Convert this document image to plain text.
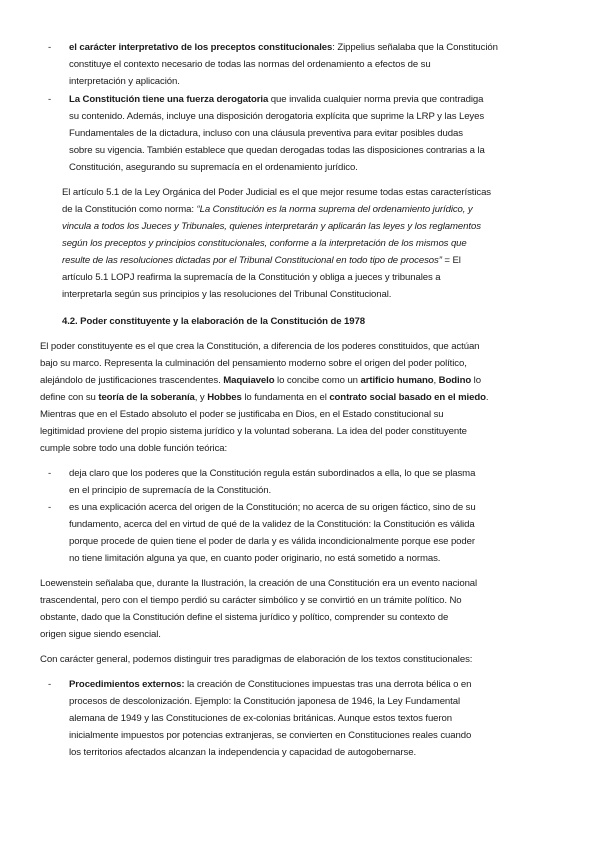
- el carácter interpretativo de los preceptos constitucionales: Zippelius señalaba que la Constitución
constituye el contexto necesario de todas las normas del ordenamiento a efectos de su
interpretación y aplicación.
- La Constitución tiene una fuerza derogatoria que invalida cualquier norma previa que contradiga
su contenido. Además, incluye una disposición derogatoria explícita que suprime la LRP y las Leyes
Fundamentales de la dictadura, incluso con una cláusula preventiva para evitar posibles dudas
sobre su vigencia. También establece que quedan derogadas todas las disposiciones contrarias a la
Constitución, asegurando su supremacía en el ordenamiento jurídico.
El artículo 5.1 de la Ley Orgánica del Poder Judicial es el que mejor resume todas estas características
de la Constitución como norma: “La Constitución es la norma suprema del ordenamiento jurídico, y
vincula a todos los Jueces y Tribunales, quienes interpretarán y aplicarán las leyes y los reglamentos
según los preceptos y principios constitucionales, conforme a la interpretación de los mismos que
resulte de las resoluciones dictadas por el Tribunal Constitucional en todo tipo de procesos” = El
artículo 5.1 LOPJ reafirma la supremacía de la Constitución y obliga a jueces y tribunales a
interpretarla según sus principios y las resoluciones del Tribunal Constitucional.
4.2. Poder constituyente y la elaboración de la Constitución de 1978
El poder constituyente es el que crea la Constitución, a diferencia de los poderes constituidos, que actúan
bajo su marco. Representa la culminación del pensamiento moderno sobre el origen del poder político,
alejándolo de justificaciones trascendentes. Maquiavelo lo concibe como un artificio humano, Bodino lo
define con su teoría de la soberanía, y Hobbes lo fundamenta en el contrato social basado en el miedo.
Mientras que en el Estado absoluto el poder se justificaba en Dios, en el Estado constitucional su
legitimidad proviene del propio sistema jurídico y la voluntad soberana. La idea del poder constituyente
cumple sobre todo una doble función teórica:
- deja claro que los poderes que la Constitución regula están subordinados a ella, lo que se plasma
en el principio de supremacía de la Constitución.
- es una explicación acerca del origen de la Constitución; no acerca de su origen fáctico, sino de su
fundamento, acerca del en virtud de qué de la validez de la Constitución: la Constitución es válida
porque procede de quien tiene el poder de darla y es válida incondicionalmente porque ese poder
no tiene limitación alguna ya que, en cuanto poder originario, no está sometido a normas.
Loewenstein señalaba que, durante la Ilustración, la creación de una Constitución era un evento nacional
trascendental, pero con el tiempo perdió su carácter simbólico y se convirtió en un trámite político. No
obstante, dado que la Constitución define el sistema jurídico y político, comprender su contexto de
origen sigue siendo esencial.
Con carácter general, podemos distinguir tres paradigmas de elaboración de los textos constitucionales:
- Procedimientos externos: la creación de Constituciones impuestas tras una derrota bélica o en
procesos de descolonización. Ejemplo: la Constitución japonesa de 1946, la Ley Fundamental
alemana de 1949 y las Constituciones de ex-colonias británicas. Aunque estos textos fueron
inicialmente impuestos por potencias extranjeras, se convierten en Constituciones reales cuando
los territorios afectados alcanzan la independencia y capacidad de autogobernarse.
